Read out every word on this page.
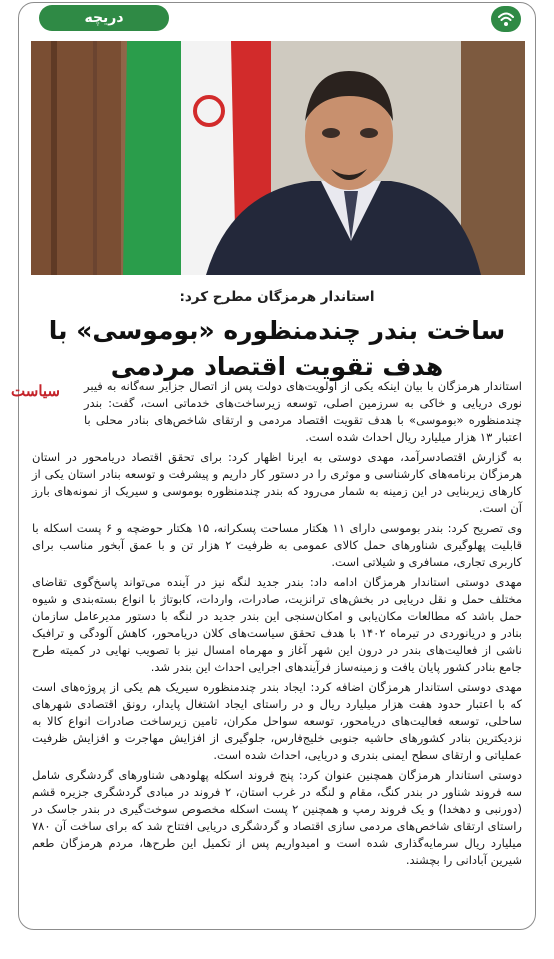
دریچه
استاندار هرمزگان مطرح کرد:
ساخت بندر چندمنظوره «بوموسی» با هدف تقویت اقتصاد مردمی
سیاست	استاندار هرمزگان با بیان اینکه یکی از اولویت‌های دولت پس از اتصال جزایر سه‌گانه به فیبر نوری دریایی و خاکی به سرزمین اصلی، توسعه زیرساخت‌های خدماتی است، گفت: بندر چندمنظوره «بوموسی» با هدف تقویت اقتصاد مردمی و ارتقای شاخص‌های بنادر محلی با اعتبار ۱۳ هزار میلیارد ریال احداث شده است.

به گزارش اقتصادسرآمد، مهدی دوستی به ایرنا اظهار کرد: برای تحقق اقتصاد دریامحور در استان هرمزگان برنامه‌های کارشناسی و موثری را در دستور کار داریم و پیشرفت و توسعه بنادر استان یکی از کارهای زیربنایی در این زمینه به شمار می‌رود که بندر چندمنظوره بوموسی و سیریک از نمونه‌های بارز آن است.

وی تصریح کرد: بندر بوموسی دارای ۱۱ هکتار مساحت پسکرانه، ۱۵ هکتار حوضچه و ۶ پست اسکله با قابلیت پهلوگیری شناورهای حمل کالای عمومی به ظرفیت ۲ هزار تن و با عمق آبخور مناسب برای کاربری تجاری، مسافری و شیلاتی است.

مهدی دوستی استاندار هرمزگان ادامه داد: بندر جدید لنگه نیز در آینده می‌تواند پاسخ‌گوی تقاضای مختلف حمل و نقل دریایی در بخش‌های ترانزیت، صادرات، واردات، کابوتاژ با انواع بسته‌بندی و شیوه حمل باشد که مطالعات مکان‌یابی و امکان‌سنجی این بندر جدید در لنگه با دستور مدیرعامل سازمان بنادر و دریانوردی در تیرماه ۱۴۰۲ با هدف تحقق سیاست‌های کلان دریامحور، کاهش آلودگی و ترافیک ناشی از فعالیت‌های بندر در درون این شهر آغاز و مهرماه امسال نیز با تصویب نهایی در کمیته طرح جامع بنادر کشور پایان یافت و زمینه‌ساز فرآیندهای اجرایی احداث این بندر شد.

مهدی دوستی استاندار هرمزگان اضافه کرد: ایجاد بندر چندمنظوره سیریک هم یکی از پروژه‌های است که با اعتبار حدود هفت هزار میلیارد ریال و در راستای ایجاد اشتغال پایدار، رونق اقتصادی شهرهای ساحلی، توسعه فعالیت‌های دریامحور، توسعه سواحل مکران، تامین زیرساخت صادرات انواع کالا به نزدیکترین بنادر کشورهای حاشیه جنوبی خلیج‌فارس، جلوگیری از افزایش مهاجرت و افزایش ظرفیت عملیاتی و ارتقای سطح ایمنی بندری و دریایی، احداث شده است.

دوستی استاندار هرمزگان همچنین عنوان کرد: پنج فروند اسکله پهلودهی شناورهای گردشگری شامل سه فروند شناور در بندر کنگ، مقام و لنگه در غرب استان، ۲ فروند در مبادی گردشگری جزیره قشم (دورنبی و دهخدا) و یک فروند رمپ و همچنین ۲ پست اسکله مخصوص سوخت‌گیری در بندر جاسک در راستای ارتقای شاخص‌های مردمی سازی اقتصاد و گردشگری دریایی افتتاح شد که برای ساخت آن ۷۸۰ میلیارد ریال سرمایه‌گذاری شده است و امیدواریم پس از تکمیل این طرح‌ها، مردم هرمزگان طعم شیرین آبادانی را بچشند.
